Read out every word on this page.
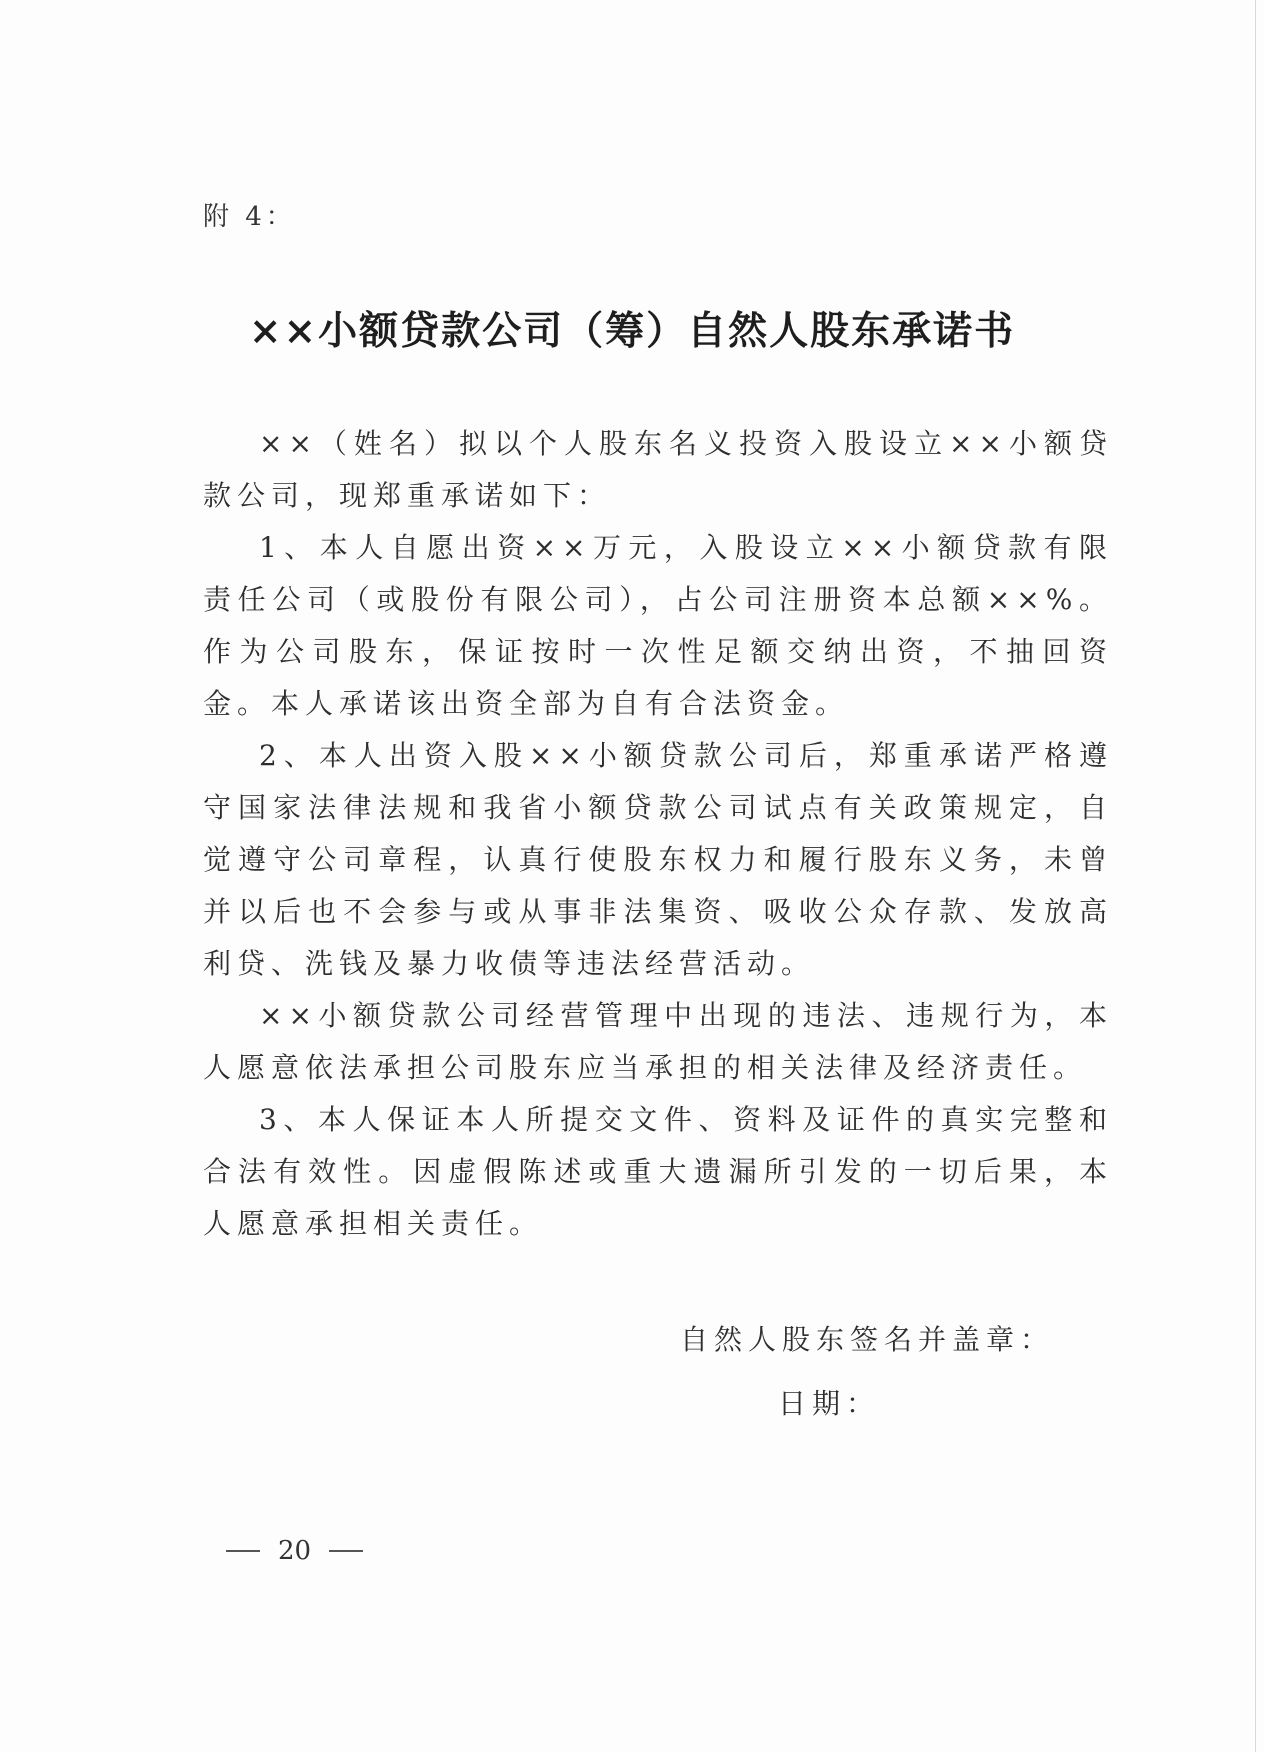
附 4：
××小额贷款公司（筹）自然人股东承诺书

××（姓名）拟以个人股东名义投资入股设立××小额贷款公司，现郑重承诺如下：

1、本人自愿出资××万元，入股设立××小额贷款有限责任公司（或股份有限公司），占公司注册资本总额××%。作为公司股东，保证按时一次性足额交纳出资，不抽回资金。本人承诺该出资全部为自有合法资金。

2、本人出资入股××小额贷款公司后，郑重承诺严格遵守国家法律法规和我省小额贷款公司试点有关政策规定，自觉遵守公司章程，认真行使股东权力和履行股东义务，未曾并以后也不会参与或从事非法集资、吸收公众存款、发放高利贷、洗钱及暴力收债等违法经营活动。

××小额贷款公司经营管理中出现的违法、违规行为，本人愿意依法承担公司股东应当承担的相关法律及经济责任。

3、本人保证本人所提交文件、资料及证件的真实完整和合法有效性。因虚假陈述或重大遗漏所引发的一切后果，本人愿意承担相关责任。

自然人股东签名并盖章：
日期：
20
